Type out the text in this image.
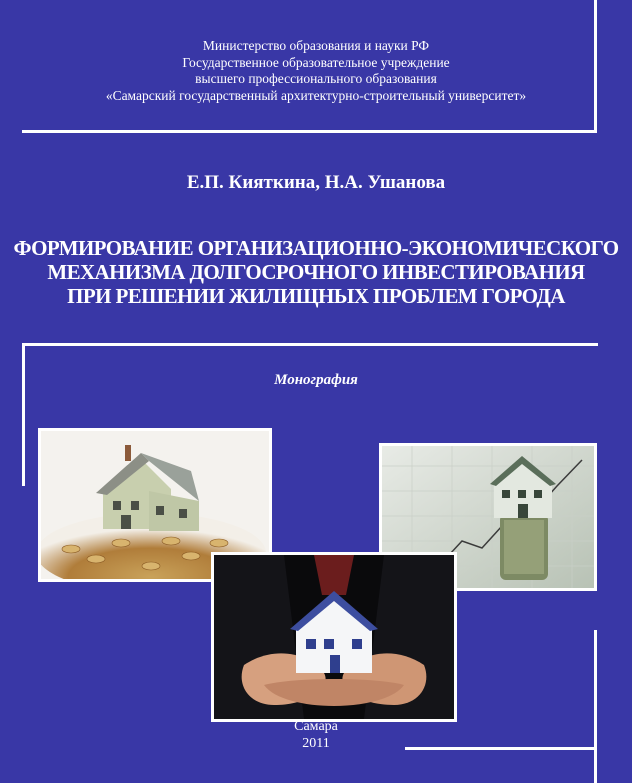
Министерство образования и науки РФ
Государственное образовательное учреждение
высшего профессионального образования
«Самарский государственный архитектурно-строительный университет»
Е.П. Кияткина, Н.А. Ушанова
ФОРМИРОВАНИЕ ОРГАНИЗАЦИОННО-ЭКОНОМИЧЕСКОГО
МЕХАНИЗМА ДОЛГОСРОЧНОГО ИНВЕСТИРОВАНИЯ
ПРИ РЕШЕНИИ ЖИЛИЩНЫХ ПРОБЛЕМ ГОРОДА
Монография
Самара
2011
